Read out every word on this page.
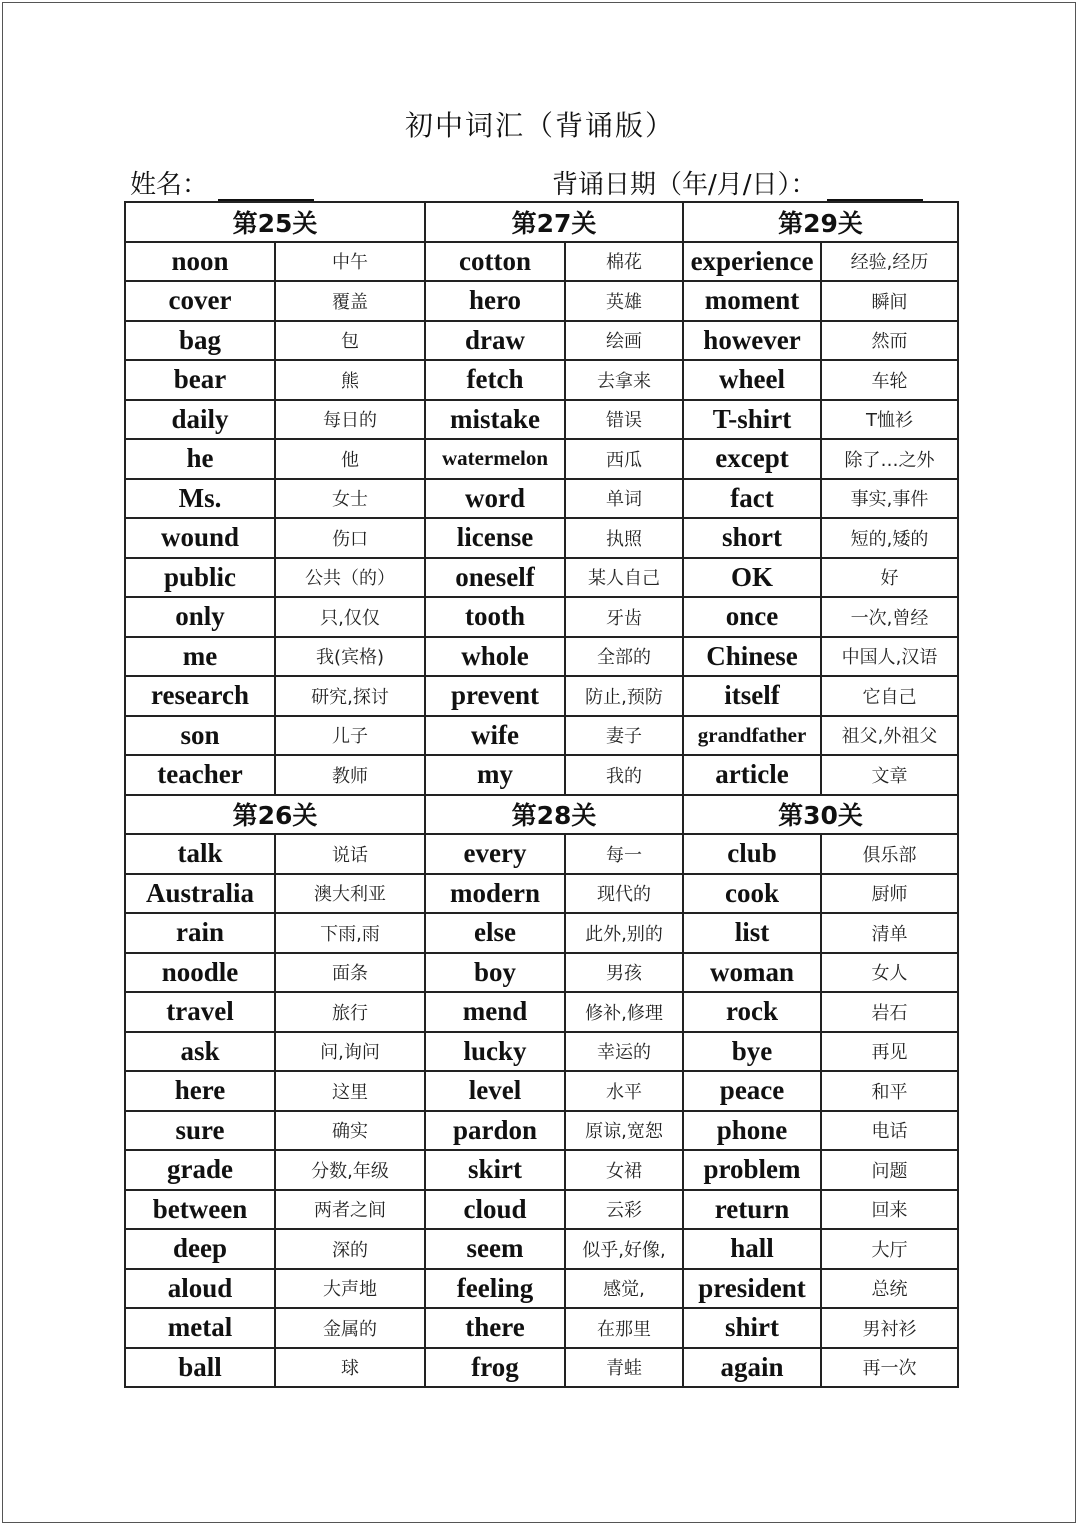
初中词汇（背诵版）
姓名：	背诵日期（年/月/日）：
第25关		第27关		第29关	
noon	中午	cotton	棉花	experience	经验,经历
cover	覆盖	hero	英雄	moment	瞬间
bag	包	draw	绘画	however	然而
bear	熊	fetch	去拿来	wheel	车轮
daily	每日的	mistake	错误	T-shirt	T恤衫
he	他	watermelon	西瓜	except	除了…之外
Ms.	女士	word	单词	fact	事实,事件
wound	伤口	license	执照	short	短的,矮的
public	公共（的）	oneself	某人自己	OK	好
only	只,仅仅	tooth	牙齿	once	一次,曾经
me	我(宾格)	whole	全部的	Chinese	中国人,汉语
research	研究,探讨	prevent	防止,预防	itself	它自己
son	儿子	wife	妻子	grandfather	祖父,外祖父
teacher	教师	my	我的	article	文章
第26关		第28关		第30关	
talk	说话	every	每一	club	俱乐部
Australia	澳大利亚	modern	现代的	cook	厨师
rain	下雨,雨	else	此外,别的	list	清单
noodle	面条	boy	男孩	woman	女人
travel	旅行	mend	修补,修理	rock	岩石
ask	问,询问	lucky	幸运的	bye	再见
here	这里	level	水平	peace	和平
sure	确实	pardon	原谅,宽恕	phone	电话
grade	分数,年级	skirt	女裙	problem	问题
between	两者之间	cloud	云彩	return	回来
deep	深的	seem	似乎,好像,	hall	大厅
aloud	大声地	feeling	感觉,	president	总统
metal	金属的	there	在那里	shirt	男衬衫
ball	球	frog	青蛙	again	再一次
